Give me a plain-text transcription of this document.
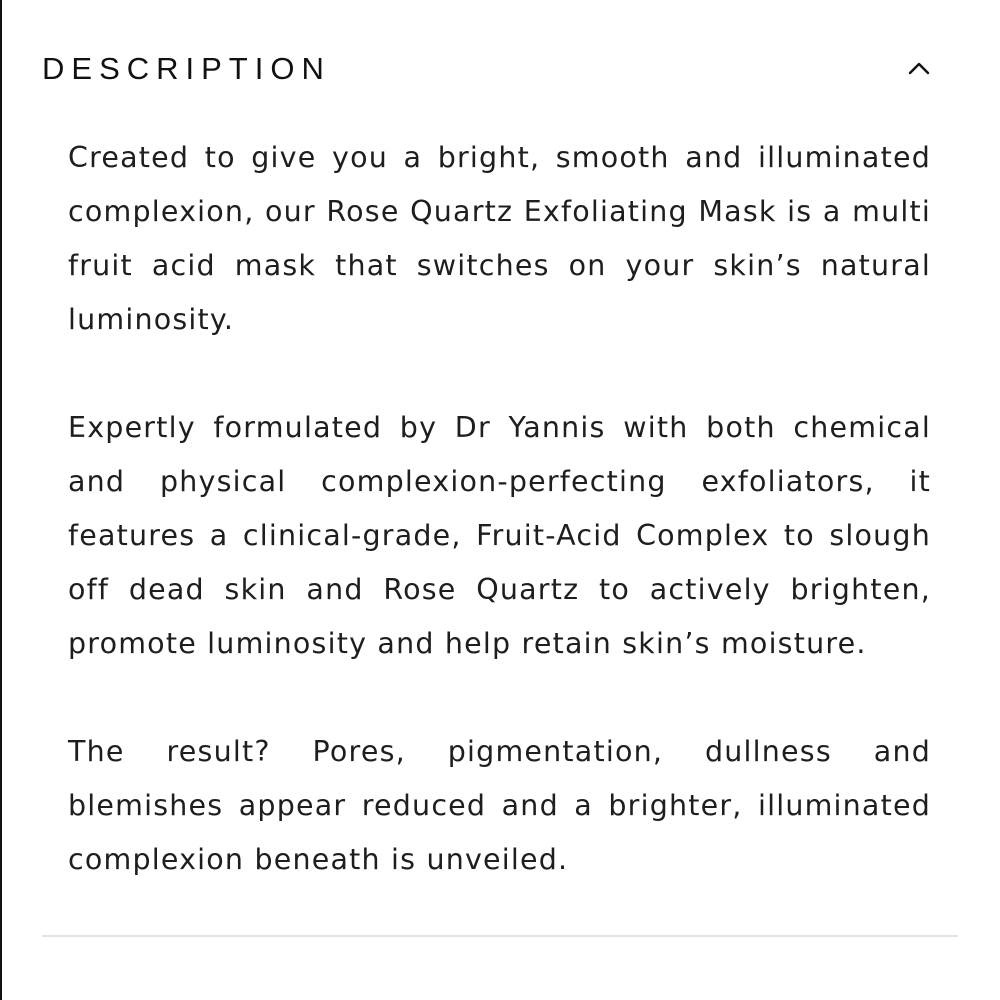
DESCRIPTION

Created to give you a bright, smooth and illuminated complexion, our Rose Quartz Exfoliating Mask is a multi fruit acid mask that switches on your skin’s natural luminosity.

Expertly formulated by Dr Yannis with both chemical and physical complexion-perfecting exfoliators, it features a clinical-grade, Fruit-Acid Complex to slough off dead skin and Rose Quartz to actively brighten, promote luminosity and help retain skin’s moisture.

The result? Pores, pigmentation, dullness and blemishes appear reduced and a brighter, illuminated complexion beneath is unveiled.
